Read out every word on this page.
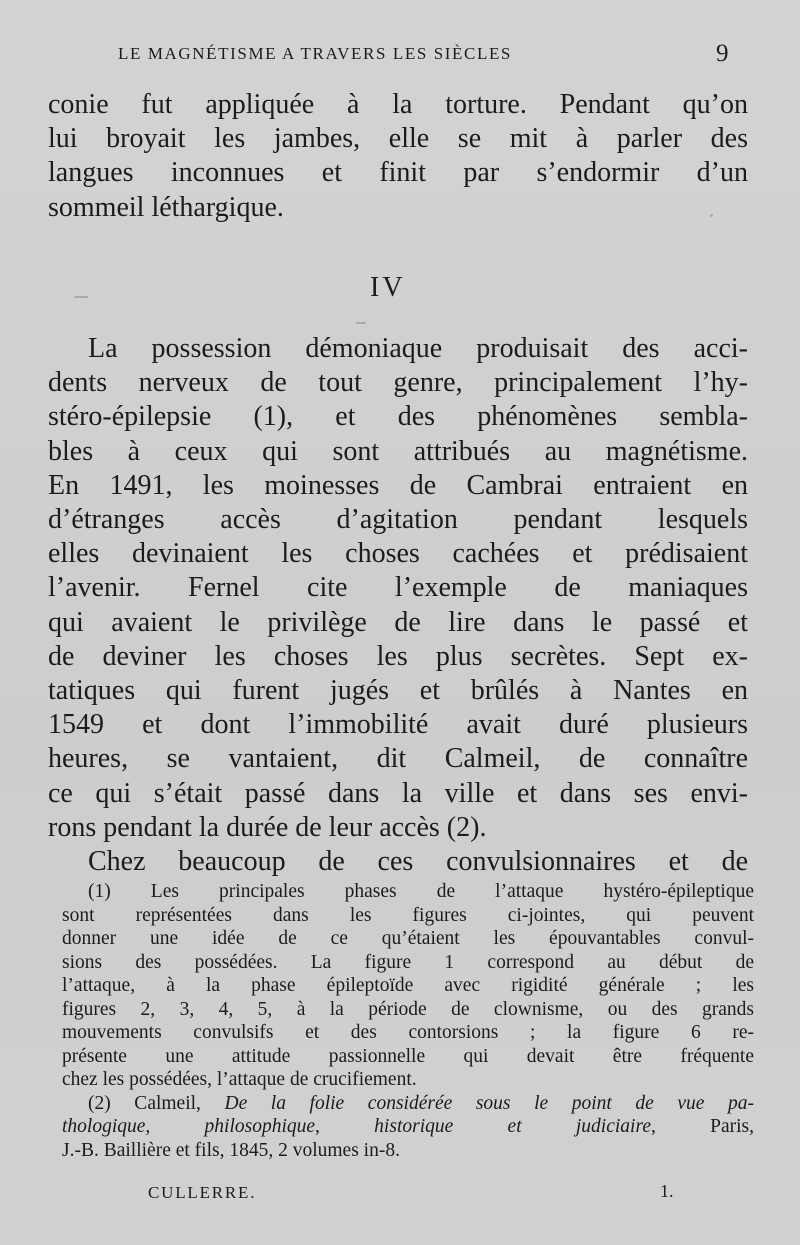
LE MAGNÉTISME A TRAVERS LES SIÈCLES	9
conie fut appliquée à la torture. Pendant qu’on
lui broyait les jambes, elle se mit à parler des
langues inconnues et finit par s’endormir d’un
sommeil léthargique.
IV
La possession démoniaque produisait des acci-
dents nerveux de tout genre, principalement l’hy-
stéro-épilepsie (1), et des phénomènes sembla-
bles à ceux qui sont attribués au magnétisme.
En 1491, les moinesses de Cambrai entraient en
d’étranges accès d’agitation pendant lesquels
elles devinaient les choses cachées et prédisaient
l’avenir. Fernel cite l’exemple de maniaques
qui avaient le privilège de lire dans le passé et
de deviner les choses les plus secrètes. Sept ex-
tatiques qui furent jugés et brûlés à Nantes en
1549 et dont l’immobilité avait duré plusieurs
heures, se vantaient, dit Calmeil, de connaître
ce qui s’était passé dans la ville et dans ses envi-
rons pendant la durée de leur accès (2).
Chez beaucoup de ces convulsionnaires et de
(1) Les principales phases de l’attaque hystéro-épileptique
sont représentées dans les figures ci-jointes, qui peuvent
donner une idée de ce qu’étaient les épouvantables convul-
sions des possédées. La figure 1 correspond au début de
l’attaque, à la phase épileptoïde avec rigidité générale ; les
figures 2, 3, 4, 5, à la période de clownisme, ou des grands
mouvements convulsifs et des contorsions ; la figure 6 re-
présente une attitude passionnelle qui devait être fréquente
chez les possédées, l’attaque de crucifiement.
(2) Calmeil, De la folie considérée sous le point de vue pa-
thologique, philosophique, historique et judiciaire, Paris,
J.-B. Baillière et fils, 1845, 2 volumes in-8.
CULLERRE.	1.
